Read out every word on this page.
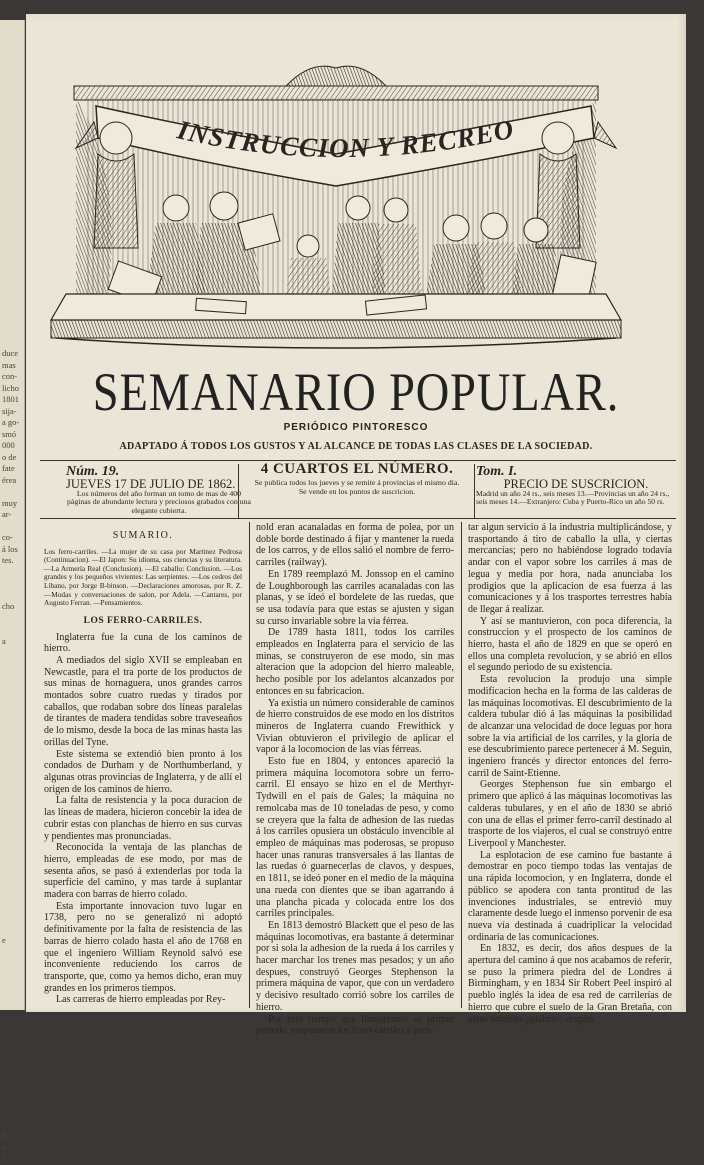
duce
mas
con-
licho
1801
sija-
a go-
smó
000
o de
fate
érea

muy
ar-

co-
á los
tes.

cho

a

e

9;
e
s,
INSTRUCCION Y RECREO
SEMANARIO POPULAR.
PERIÓDICO PINTORESCO
ADAPTADO Á TODOS LOS GUSTOS Y AL ALCANCE DE TODAS LAS CLASES DE LA SOCIEDAD.
Núm. 19.
JUEVES 17 DE JULIO DE 1862.
Los números del año forman un tomo de mas de 400 páginas de abundante lectura y preciosos grabados con una elegante cubierta.
4 CUARTOS EL NÚMERO.
Se publica todos los jueves y se remite á provincias el mismo dia.
Se vende en los puntos de suscricion.
Tom. I.
PRECIO DE SUSCRICION.
Madrid un año 24 rs., seis meses 13.—Provincias un año 24 rs., seis meses 14.—Extranjero: Cuba y Puerto-Rico un año 50 rs.
SUMARIO.

Los ferro-carriles. —La mujer de su casa por Martinez Pedrosa (Continuacion). —El Japon: Su idioma, sus ciencias y su literatura. —La Armería Real (Conclusion). —El caballo: Conclusion. —Los grandes y los pequeños vivientes: Las serpientes. —Los cedros del Líbano, por Jorge B-binson. —Declaraciones amorosas, por R. Z. —Modas y conversaciones de salon, por Adela. —Cantares, por Augusto Ferran. —Pensamientos.

LOS FERRO-CARRILES.

Inglaterra fue la cuna de los caminos de hierro.

A mediados del siglo XVII se empleaban en Newcastle, para el tra porte de los productos de sus minas de hornaguera, unos grandes carros montados sobre cuatro ruedas y tirados por caballos, que rodaban sobre dos líneas paralelas de tirantes de madera tendidas sobre traveseaños de lo mismo, desde la boca de las minas hasta las orillas del Tyne.

Este sistema se extendió bien pronto á los condados de Durham y de Northumberland, y algunas otras provincias de Inglaterra, y de allí el origen de los caminos de hierro.

La falta de resistencia y la poca duracion de las líneas de madera, hicieron concebir la idea de cubrir estas con planchas de hierro en sus curvas y pendientes mas pronunciadas.

Reconocida la ventaja de las planchas de hierro, empleadas de ese modo, por mas de sesenta años, se pasó á extenderlas por toda la superficie del camino, y mas tarde á suplantar madera con barras de hierro colado.

Esta importante innovacion tuvo lugar en 1738, pero no se generalizó ni adoptó definitivamente por la falta de resistencia de las barras de hierro colado hasta el año de 1768 en que el ingeniero William Reynold salvó ese inconveniente reduciendo los carros de transporte, que, como ya hemos dicho, eran muy grandes en los primeros tiempos.

Las carreras de hierro empleadas por Rey-

nold eran acanaladas en forma de polea, por un doble borde destinado á fijar y mantener la rueda de los carros, y de ellos salió el nombre de ferro-carriles (railway).

En 1789 reemplazó M. Jonssop en el camino de Loughborough las carriles acanaladas con las planas, y se ideó el bordelete de las ruedas, que se usa todavía para que estas se ajusten y sigan su curso invariable sobre la vía férrea.

De 1789 hasta 1811, todos los carriles empleados en Inglaterra para el servicio de las minas, se construyeron de ese modo, sin mas alteracion que la adopcion del hierro maleable, hecho posible por los adelantos alcanzados por entonces en su fabricacion.

Ya existia un número considerable de caminos de hierro construidos de ese modo en los distritos mineros de Inglaterra cuando Frewithick y Vivian obtuvieron el privilegio de aplicar el vapor á la locomocion de las vías férreas.

Esto fue en 1804, y entonces apareció la primera máquina locomotora sobre un ferro-carril. El ensayo se hizo en el de Merthyr-Tydwill en el país de Gales; la máquina no remolcaba mas de 10 toneladas de peso, y como se creyera que la falta de adhesion de las ruedas á los carriles opusiera un obstáculo invencible al empleo de máquinas mas poderosas, se propuso hacer unas ranuras transversales á las llantas de las ruedas ó guarnecerlas de clavos, y despues, en 1811, se ideó poner en el medio de la máquina una rueda con dientes que se iban agarrando á una plancha picada y colocada entre los dos carriles principales.

En 1813 demostró Blackett que el peso de las máquinas locomotivas, era bastante á determinar por si sola la adhesion de la rueda á los carriles y hacer marchar los trenes mas pesados; y un año despues, construyó Georges Stephenson la primera máquina de vapor, que con un verdadero y decisivo resultado corrió sobre los carriles de hierro.

Por este tiempo que llamaremos su primer periodo, empezaron los ferro-carriles á pres-

tar algun servicio á la industria multiplicándose, y trasportando á tiro de caballo la ulla, y ciertas mercancías; pero no habiéndose logrado todavía andar con el vapor sobre los carriles á mas de legua y media por hora, nada anunciaba los prodigios que la aplicacion de esa fuerza á las comunicaciones y á los trasportes terrestres había de llegar á realizar.

Y así se mantuvieron, con poca diferencia, la construccion y el prospecto de los caminos de hierro, hasta el año de 1829 en que se operó en ellos una completa revolucion, y se abrió en ellos el segundo periodo de su existencia.

Esta revolucion la produjo una simple modificacion hecha en la forma de las calderas de las máquinas locomotivas. El descubrimiento de la caldera tubular dió á las máquinas la posibilidad de alcanzar una velocidad de doce leguas por hora sobre la via artificial de los carriles, y la gloria de ese descubrimiento parece pertenecer á M. Seguin, ingeniero francés y director entonces del ferro-carril de Saint-Etienne.

Georges Stephenson fue sin embargo el primero que aplicó á las máquinas locomotivas las calderas tubulares, y en el año de 1830 se abrió con una de ellas el primer ferro-carril destinado al trasporte de los viajeros, el cual se construyó entre Liverpool y Manchester.

La esplotacion de ese camino fue bastante á demostrar en poco tiempo todas las ventajas de una rápida locomocion, y en Inglaterra, donde el público se apodera con tanta prontitud de las invenciones industriales, se entrevió muy claramente desde luego el inmenso porvenir de esa nueva vía destinada á cuadriplicar la velocidad ordinaria de las comunicaciones.

En 1832, es decir, dos años despues de la apertura del camino á que nos acabamos de referir, se puso la primera piedra del de Londres á Birmingham, y en 1834 Sir Robert Peel inspiró al pueblo inglés la idea de esa red de carrilerías de hierro que cubre el suelo de la Gran Bretaña, con estas notables palabras: «expito
